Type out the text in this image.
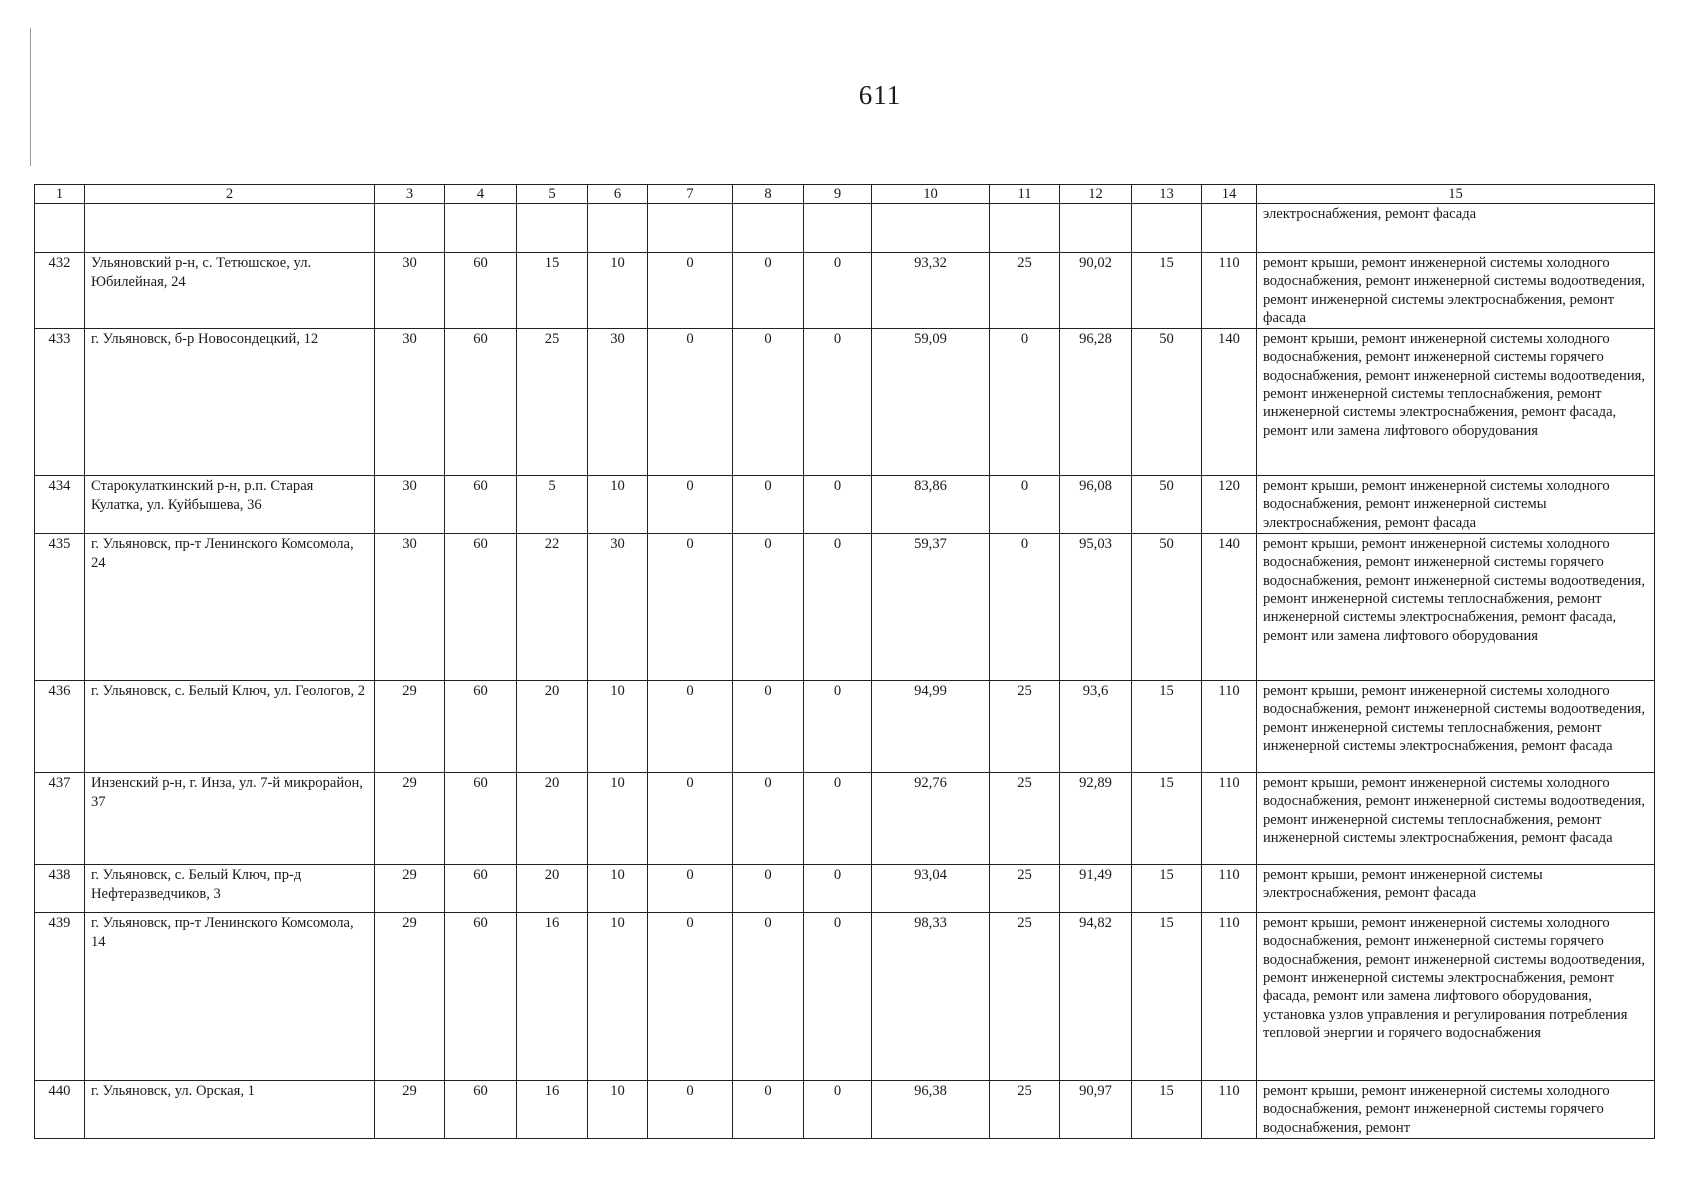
611
1	2	3	4	5	6	7	8	9	10	11	12	13	14	15
														электроснабжения, ремонт фасада
432	Ульяновский р-н, с. Тетюшское, ул. Юбилейная, 24	30	60	15	10	0	0	0	93,32	25	90,02	15	110	ремонт крыши, ремонт инженерной системы холодного водоснабжения, ремонт инженерной системы водоотведения, ремонт инженерной системы электроснабжения, ремонт фасада
433	г. Ульяновск, б-р Новосондецкий, 12	30	60	25	30	0	0	0	59,09	0	96,28	50	140	ремонт крыши, ремонт инженерной системы холодного водоснабжения, ремонт инженерной системы горячего водоснабжения, ремонт инженерной системы водоотведения, ремонт инженерной системы теплоснабжения, ремонт инженерной системы электроснабжения, ремонт фасада, ремонт или замена лифтового оборудования
434	Старокулаткинский р-н, р.п. Старая Кулатка, ул. Куйбышева, 36	30	60	5	10	0	0	0	83,86	0	96,08	50	120	ремонт крыши, ремонт инженерной системы холодного водоснабжения, ремонт инженерной системы электроснабжения, ремонт фасада
435	г. Ульяновск, пр-т Ленинского Комсомола, 24	30	60	22	30	0	0	0	59,37	0	95,03	50	140	ремонт крыши, ремонт инженерной системы холодного водоснабжения, ремонт инженерной системы горячего водоснабжения, ремонт инженерной системы водоотведения, ремонт инженерной системы теплоснабжения, ремонт инженерной системы электроснабжения, ремонт фасада, ремонт или замена лифтового оборудования
436	г. Ульяновск, с. Белый Ключ, ул. Геологов, 2	29	60	20	10	0	0	0	94,99	25	93,6	15	110	ремонт крыши, ремонт инженерной системы холодного водоснабжения, ремонт инженерной системы водоотведения, ремонт инженерной системы теплоснабжения, ремонт инженерной системы электроснабжения, ремонт фасада
437	Инзенский р-н, г. Инза, ул. 7-й микрорайон, 37	29	60	20	10	0	0	0	92,76	25	92,89	15	110	ремонт крыши, ремонт инженерной системы холодного водоснабжения, ремонт инженерной системы водоотведения, ремонт инженерной системы теплоснабжения, ремонт инженерной системы электроснабжения, ремонт фасада
438	г. Ульяновск, с. Белый Ключ, пр-д Нефтеразведчиков, 3	29	60	20	10	0	0	0	93,04	25	91,49	15	110	ремонт крыши, ремонт инженерной системы электроснабжения, ремонт фасада
439	г. Ульяновск, пр-т Ленинского Комсомола, 14	29	60	16	10	0	0	0	98,33	25	94,82	15	110	ремонт крыши, ремонт инженерной системы холодного водоснабжения, ремонт инженерной системы горячего водоснабжения, ремонт инженерной системы водоотведения, ремонт инженерной системы электроснабжения, ремонт фасада, ремонт или замена лифтового оборудования, установка узлов управления и регулирования потребления тепловой энергии и горячего водоснабжения
440	г. Ульяновск, ул. Орская, 1	29	60	16	10	0	0	0	96,38	25	90,97	15	110	ремонт крыши, ремонт инженерной системы холодного водоснабжения, ремонт инженерной системы горячего водоснабжения, ремонт
